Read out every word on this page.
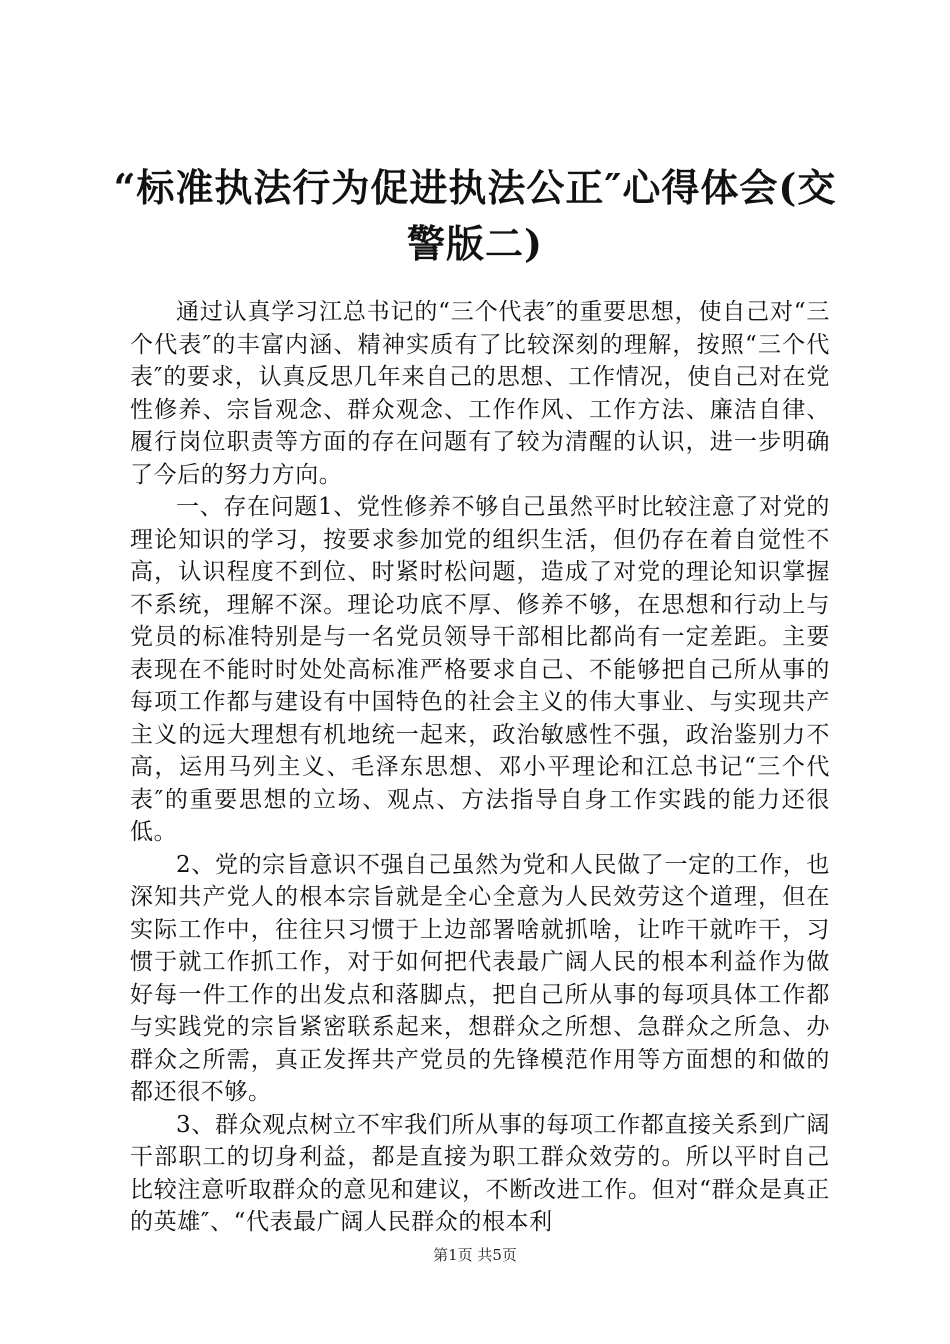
“标准执法行为促进执法公正″心得体会(交
警版二)

通过认真学习江总书记的“三个代表″的重要思想，使自己对“三个代表″的丰富内涵、精神实质有了比较深刻的理解，按照“三个代表″的要求，认真反思几年来自己的思想、工作情况，使自己对在党性修养、宗旨观念、群众观念、工作作风、工作方法、廉洁自律、履行岗位职责等方面的存在问题有了较为清醒的认识，进一步明确了今后的努力方向。

一、存在问题1、党性修养不够自己虽然平时比较注意了对党的理论知识的学习，按要求参加党的组织生活，但仍存在着自觉性不高，认识程度不到位、时紧时松问题，造成了对党的理论知识掌握不系统，理解不深。理论功底不厚、修养不够，在思想和行动上与党员的标准特别是与一名党员领导干部相比都尚有一定差距。主要表现在不能时时处处高标准严格要求自己、不能够把自己所从事的每项工作都与建设有中国特色的社会主义的伟大事业、与实现共产主义的远大理想有机地统一起来，政治敏感性不强，政治鉴别力不高，运用马列主义、毛泽东思想、邓小平理论和江总书记“三个代表″的重要思想的立场、观点、方法指导自身工作实践的能力还很低。

2、党的宗旨意识不强自己虽然为党和人民做了一定的工作，也深知共产党人的根本宗旨就是全心全意为人民效劳这个道理，但在实际工作中，往往只习惯于上边部署啥就抓啥，让咋干就咋干，习惯于就工作抓工作，对于如何把代表最广阔人民的根本利益作为做好每一件工作的出发点和落脚点，把自己所从事的每项具体工作都与实践党的宗旨紧密联系起来，想群众之所想、急群众之所急、办群众之所需，真正发挥共产党员的先锋模范作用等方面想的和做的都还很不够。

3、群众观点树立不牢我们所从事的每项工作都直接关系到广阔干部职工的切身利益，都是直接为职工群众效劳的。所以平时自己比较注意听取群众的意见和建议，不断改进工作。但对“群众是真正的英雄″、“代表最广阔人民群众的根本利

第1页 共5页
